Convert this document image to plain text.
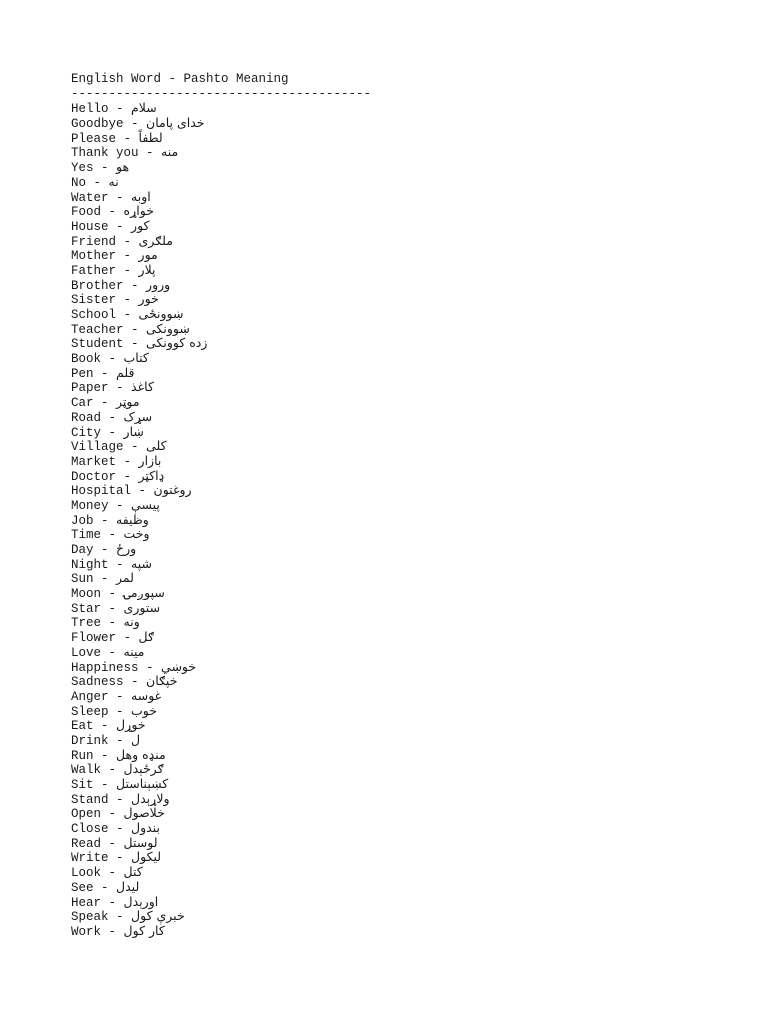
English Word - Pashto Meaning
----------------------------------------
Hello - سلام
Goodbye - خدای پامان
Please - لطفاً
Thank you - منه
Yes - هو
No - نه
Water - اوبه
Food - خواړه
House - کور
Friend - ملګری
Mother - مور
Father - پلار
Brother - ورور
Sister - خور
School - ښوونځی
Teacher - ښوونکی
Student - زده کوونکی
Book - کتاب
Pen - قلم
Paper - کاغذ
Car - موټر
Road - سړک
City - ښار
Village - کلی
Market - بازار
Doctor - ډاکټر
Hospital - روغتون
Money - پیسې
Job - وظیفه
Time - وخت
Day - ورځ
Night - شپه
Sun - لمر
Moon - سپوږمۍ
Star - ستوری
Tree - ونه
Flower - ګل
Love - مینه
Happiness - خوښي
Sadness - خپګان
Anger - غوسه
Sleep - خوب
Eat - خوړل
Drink - ل
Run - منډه وهل
Walk - ګرځېدل
Sit - کښېناستل
Stand - ولاړېدل
Open - خلاصول
Close - بندول
Read - لوستل
Write - لیکول
Look - کتل
See - لیدل
Hear - اورېدل
Speak - خبرې کول
Work - کار کول
